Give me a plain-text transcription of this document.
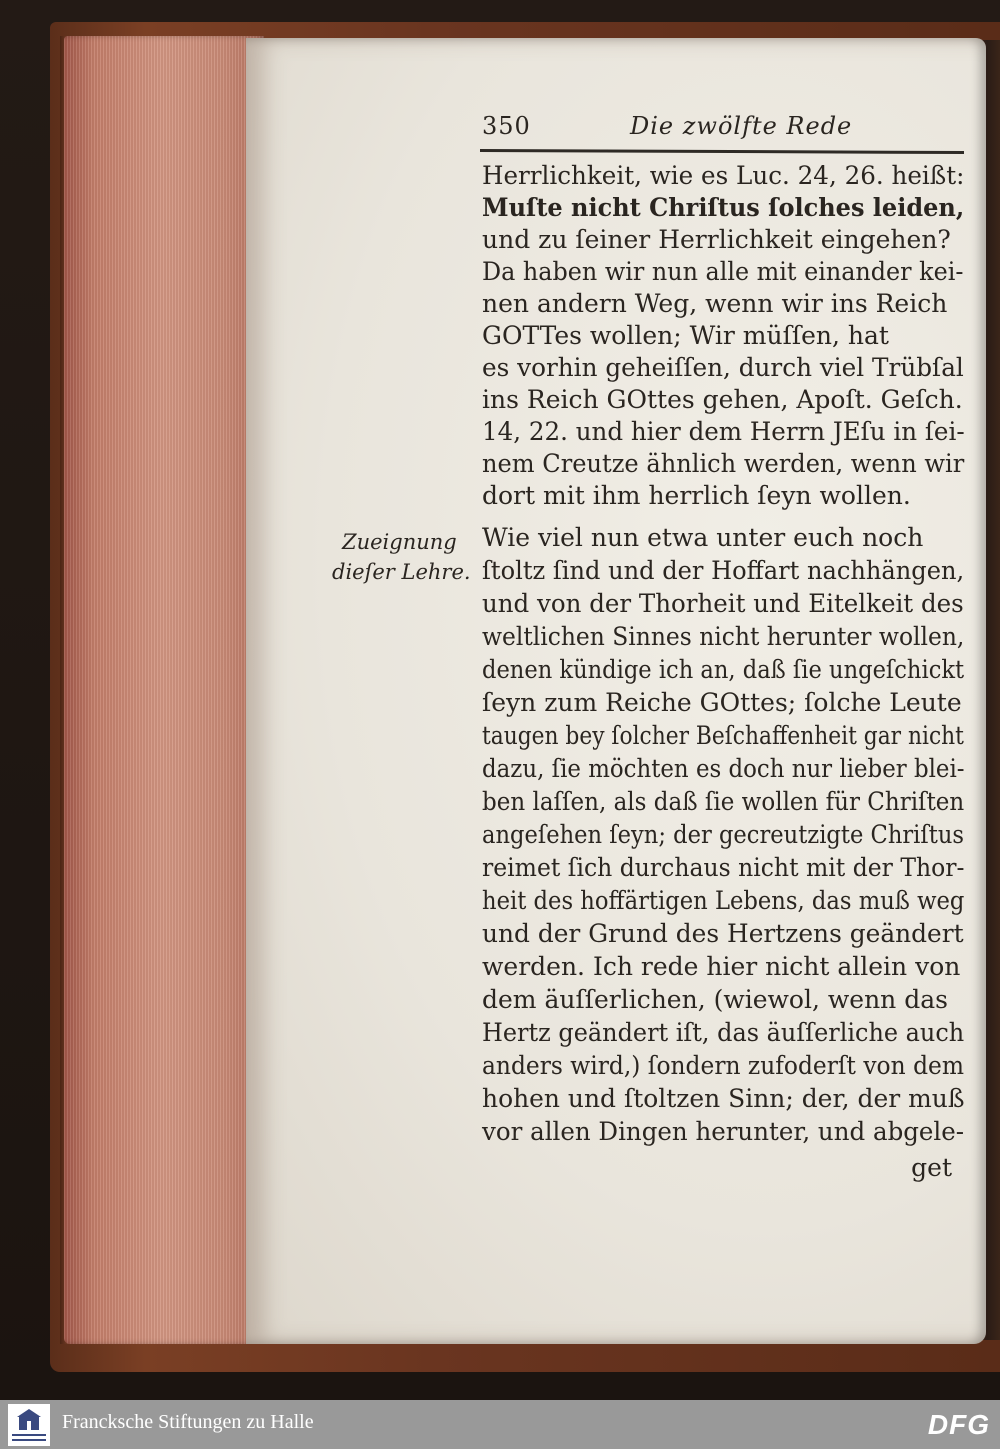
350	Die zwölfte Rede
Herrlichkeit, wie es Luc. 24, 26. heißt:
Muſte nicht Chriſtus ſolches leiden,
und zu ſeiner Herrlichkeit eingehen?
Da haben wir nun alle mit einander kei-
nen andern Weg, wenn wir ins Reich
GOTTes wollen; Wir müſſen, hat
es vorhin geheiſſen, durch viel Trübſal
ins Reich GOttes gehen, Apoſt. Geſch.
14, 22. und hier dem Herrn JEſu in ſei-
nem Creutze ähnlich werden, wenn wir
dort mit ihm herrlich ſeyn wollen.
Wie viel nun etwa unter euch noch
ſtoltz ſind und der Hoffart nachhängen,
und von der Thorheit und Eitelkeit des
weltlichen Sinnes nicht herunter wollen,
denen kündige ich an, daß ſie ungeſchickt
ſeyn zum Reiche GOttes; ſolche Leute
taugen bey ſolcher Beſchaffenheit gar nicht
dazu, ſie möchten es doch nur lieber blei-
ben laſſen, als daß ſie wollen für Chriſten
angeſehen ſeyn; der gecreutzigte Chriſtus
reimet ſich durchaus nicht mit der Thor-
heit des hoffärtigen Lebens, das muß weg
und der Grund des Hertzens geändert
werden. Ich rede hier nicht allein von
dem äuſſerlichen, (wiewol, wenn das
Hertz geändert iſt, das äuſſerliche auch
anders wird,) ſondern zufoderſt von dem
hohen und ſtoltzen Sinn; der, der muß
vor allen Dingen herunter, und abgele-
get
Zueignung
dieſer Lehre.
Francksche Stiftungen zu Halle	DFG
